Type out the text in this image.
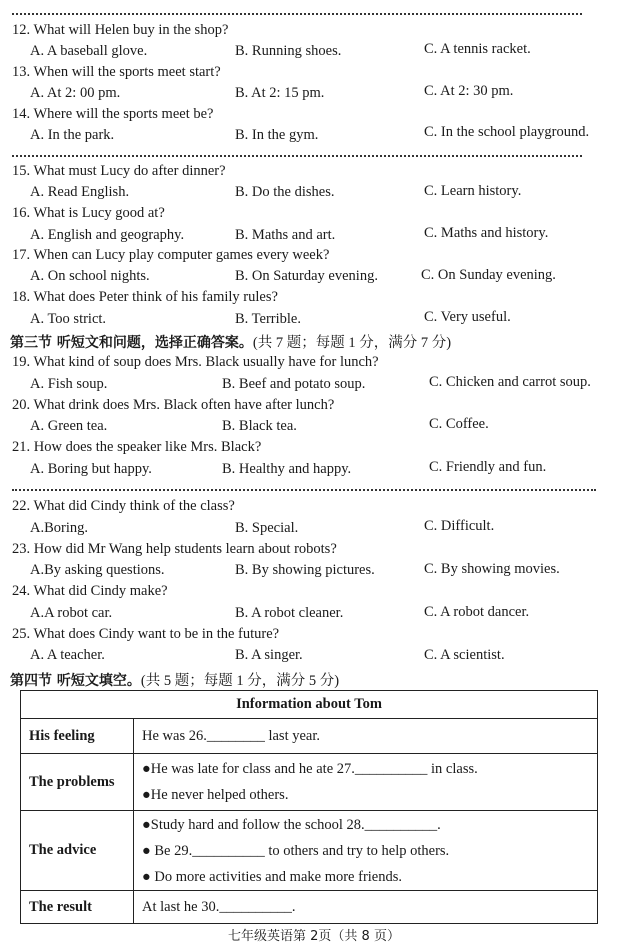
12. What will Helen buy in the shop?
A. A baseball glove.	B. Running shoes.	C. A tennis racket.
13. When will the sports meet start?
A. At 2: 00 pm.	B. At 2: 15 pm.	C. At 2: 30 pm.
14. Where will the sports meet be?
A. In the park.	B. In the gym.	C. In the school playground.
15. What must Lucy do after dinner?
A. Read English.	B. Do the dishes.	C. Learn history.
16. What is Lucy good at?
A. English and geography.	B. Maths and art.	C. Maths and history.
17. When can Lucy play computer games every week?
A. On school nights.	B. On Saturday evening.	C. On Sunday evening.
18. What does Peter think of his family rules?
A. Too strict.	B. Terrible.	C. Very useful.
第三节 听短文和问题，选择正确答案。(共 7 题；每题 1 分，满分 7 分)
19. What kind of soup does Mrs. Black usually have for lunch?
A. Fish soup.	B. Beef and potato soup.	C. Chicken and carrot soup.
20. What drink does Mrs. Black often have after lunch?
A. Green tea.	B. Black tea.	C. Coffee.
21. How does the speaker like Mrs. Black?
A. Boring but happy.	B. Healthy and happy.	C. Friendly and fun.
22. What did Cindy think of the class?
A.Boring.	B. Special.	C. Difficult.
23. How did Mr Wang help students learn about robots?
A.By asking questions.	B. By showing pictures.	C. By showing movies.
24. What did Cindy make?
A.A robot car.	B. A robot cleaner.	C. A robot dancer.
25. What does Cindy want to be in the future?
A. A teacher.	B. A singer.	C. A scientist.
第四节 听短文填空。(共 5 题；每题 1 分，满分 5 分)
Information about Tom	
His feeling	He was 26.________ last year.
The problems	●He was late for class and he ate 27.__________ in class.
●He never helped others.

The advice	●Study hard and follow the school 28.__________.
● Be 29.__________ to others and try to help others.
● Do more activities and make more friends.

The result	At last he 30.__________.
七年级英语第 2页（共 8 页）
